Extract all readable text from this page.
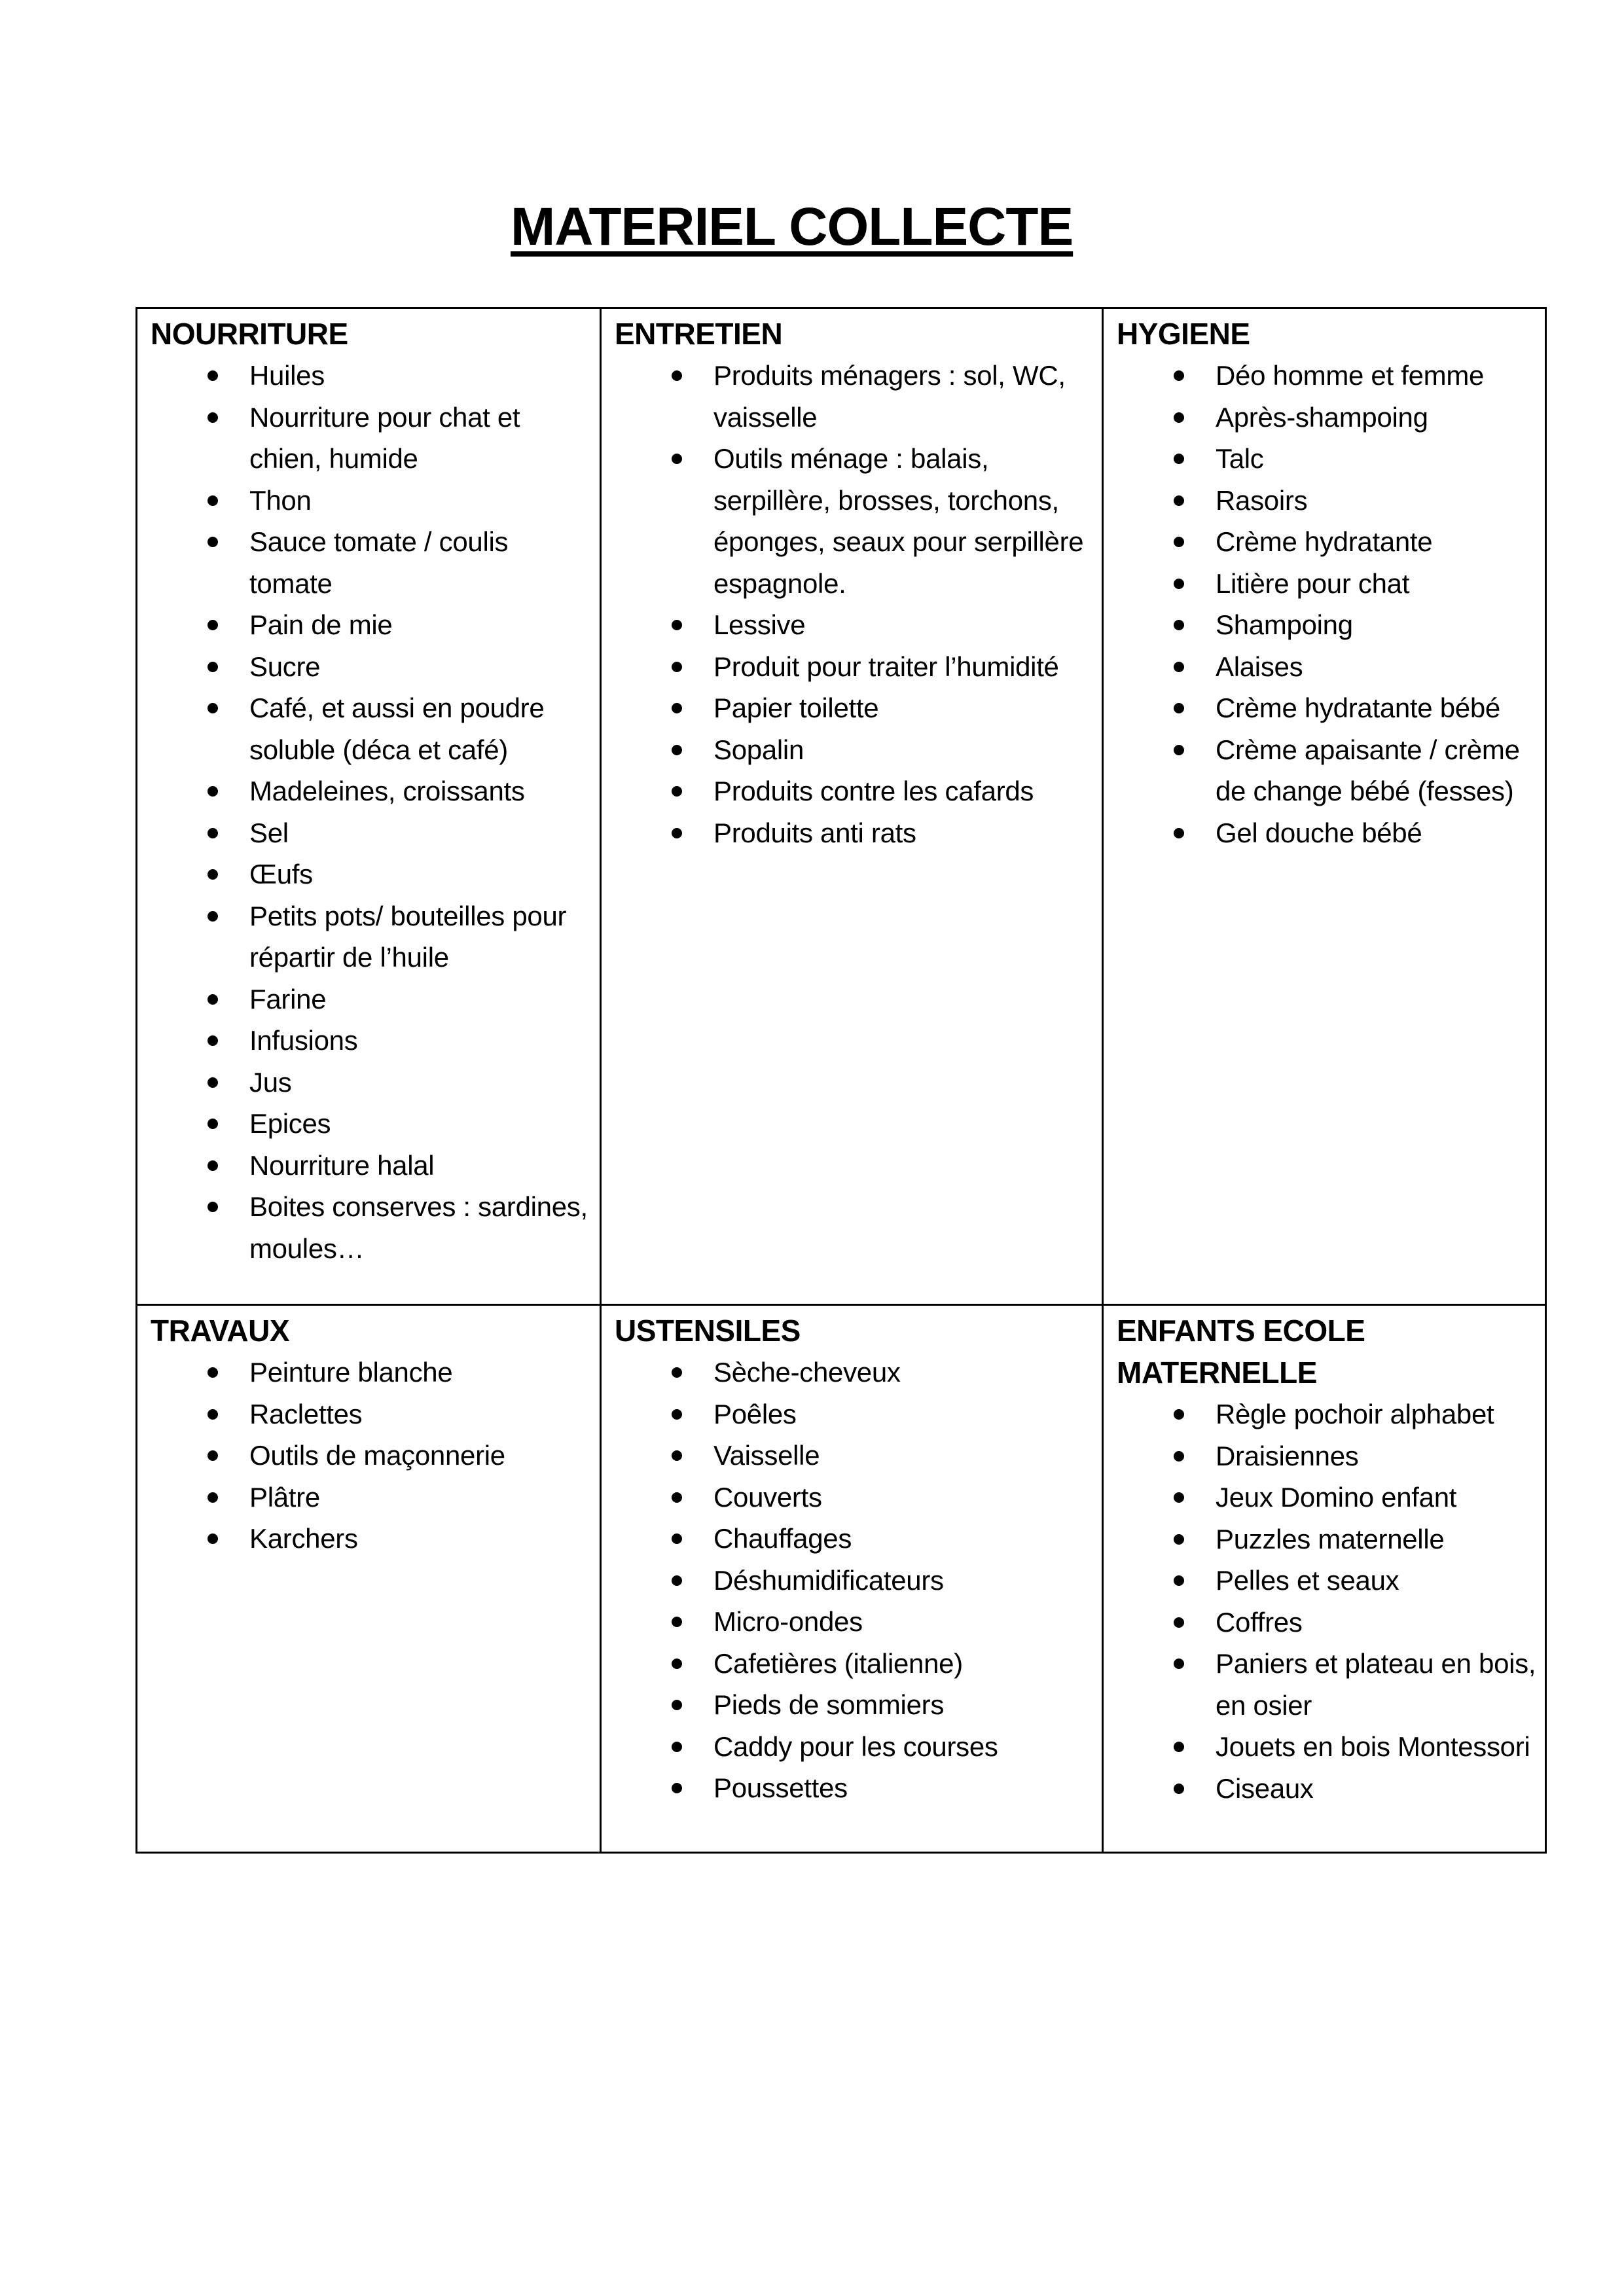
MATERIEL COLLECTE
NOURRITURE
Huiles
Nourriture pour chat et chien, humide
Thon
Sauce tomate / coulis tomate
Pain de mie
Sucre
Café, et aussi en poudre soluble (déca et café)
Madeleines, croissants
Sel
Œufs
Petits pots/ bouteilles pour répartir de l’huile
Farine
Infusions
Jus
Epices
Nourriture halal
Boites conserves : sardines, moules…
ENTRETIEN
Produits ménagers : sol, WC, vaisselle
Outils ménage : balais, serpillère, brosses, torchons, éponges, seaux pour serpillère espagnole.
Lessive
Produit pour traiter l’humidité
Papier toilette
Sopalin
Produits contre les cafards
Produits anti rats
HYGIENE
Déo homme et femme
Après-shampoing
Talc
Rasoirs
Crème hydratante
Litière pour chat
Shampoing
Alaises
Crème hydratante bébé
Crème apaisante / crème de change bébé (fesses)
Gel douche bébé
TRAVAUX
Peinture blanche
Raclettes
Outils de maçonnerie
Plâtre
Karchers
USTENSILES
Sèche-cheveux
Poêles
Vaisselle
Couverts
Chauffages
Déshumidificateurs
Micro-ondes
Cafetières (italienne)
Pieds de sommiers
Caddy pour les courses
Poussettes
ENFANTS ECOLE MATERNELLE
Règle pochoir alphabet
Draisiennes
Jeux Domino enfant
Puzzles maternelle
Pelles et seaux
Coffres
Paniers et plateau en bois, en osier
Jouets en bois Montessori
Ciseaux
